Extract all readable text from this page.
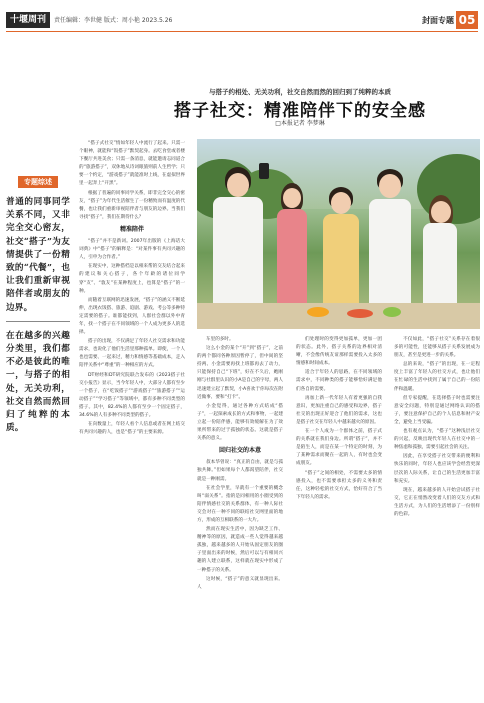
十堰周刊	责任编辑：李世健 版式：周小艳 2023.5.26	封面专题 05
与搭子约相处、无关功利，社交自然而然的回归到了纯粹的本质
搭子社交：精准陪伴下的安全感
□本报记者 李梦琳
专题综述
普通的同事同学关系不同，又非完全交心密友，社交“搭子”为友情提供了一份精致的“代餐”，也让我们重新审视陪伴者或朋友的边界。
在在越多的兴趣分类里，我们都不必是彼此的唯一，与搭子的相处，无关功利，社交自然而然回归了纯粹的本质。

“搭子式社交”悄如年轻人中流行了起来。只需一个眼神，就能和“饭搭子”默契起身。去吃食堂或者楼下餐厅共进美食；只需一条消息，就能邀请志同道合的“旅游搭子”，双休地从诗词眼旅则前人生哲学；只要一个约定，“游戏搭子”就能准时上线，在虚拟世界里一起奔上“开黑”。

根据了普遍的同事同学关系，即非完全交心的密友，“搭子”为年代生活催生了一份精致而有温度的代餐，也让我们重新审视陪伴者与朋友的边界。当我们寻找“搭子”，我们在期待什么？

精准陪伴

“搭子”并不是新词。2007年出版的《上海话大词典》中“搭子”的解释是：“对某件事有共同兴趣的人，引申为合作者。”

在现实中，这种搭档是以相来帮的交友结合起来的建议和关心搭子，各个年龄的诸位同学穿“友”、“敦友”在某种程度上，也算是“搭子”的一种。

而随着互联网的迅速发展，“搭子”的涵义不断延伸，出现衣饭搭、旅游、追剧、游戏、考公等多种特定需要的搭子。谁都能找到，人群社会群以外中青年，找一个搭子在不同领域的一个人成为更多人的选择。

搭子的出现，不仅满足了年轻人社交需求和功能需求，也说化了他们生活里那种孤单。即使，一个人也也需要、一起来过，精力和情感等基础成本，走入陪伴关系中“尊重”的一种相应的方式。

DT财经和DT研究院联合发布的《2023搭子社交小报告》显示，当今年轻人中，大部分人都有至少一个搭子，在“吃饭搭子”“游戏搭子”“旅游搭子”“运动搭子”“学习搭子”等领域中，都有多种不同类型的搭子。其中，82.4%的人都有至少一个固定搭子，34.6%的人有多种不同类型的搭子。

在向数量上，年轻人看个人信息或者在网上结交有共同兴趣的人，也是“搭子”的主要来源。

车里的多时。

这么小金的某个“开”到“搭子”，之前的两个都同各种原因暂停了，但中间的坚持两、小金需要再找上班都再去了动力，只能保持自己“下班”，好在不久后，她刚刚与社群里认识的小A是自己的字母，两人迅速建立起了默契，小A喜欢于你每次在附近做事、要和“打卡”。

小金觉得，通过各种方式结成“搭子”，一起探索成长的方式和事物，一起建立起一份陪伴感，能够有效缓解在为了效果所带来的过于孤独的状态。这就是搭子关系的意义。

回归社交的本意

叔本华曾说：“真正的自由，就是与孤独共舞。”但如果每个人都渴望陪伴，社交就是一种刚需。

在社会学里，早就有一个重要的概念叫“弱关系”。指的是同相用的小圈受到的陪伴情感社交的关系群体，有一种人际社交会对在一种不同的联结社交网里面的地方，形成的互相联系的一大片。

然而在现实生活中，因为缺乏工作、精神等的原因，就造成一些人觉得越来越孤独，越来越多的人开始从固定朋友的圈子里面出来的时候，然后可以与有相同兴趣的人建立联系，这样就在现实中形成了一种搭子的关系。

这时候，“搭子”的意义就显现出来。人

们处理时的变得更加孤单，更加一团的状态。此外，搭子关系的边界相对清晰，不会像传统友谊那样需要投入太多的情感和时间成本。

适合于年轻人的思路，在不同领域的需求中，不同种类的搭子能够恰好满足他们各自的需要。

再加上新一代年轻人有着更强的自我意识，更加注重自己的感受和边界，搭子社交的出现正好迎合了他们的需求，这也是搭子社交在年轻人中越来越火的原因。

在一个人成为一个群体之前，搭子式的关系就在我们身边。所谓“搭子”，并不是陌生人，而是在某一个特定的时刻，为了某种需求而聚在一起的人，有时也会变成朋友。

“搭子”之间的相处，不需要太多的情感投入，也不需要承担太多的义务和责任，这种轻松的社交方式，恰好符合了当下年轻人的需求。

不仅如此，“搭子社交”关系存在着很多的可能性，还能够从搭子关系发展成为朋友，甚至是更进一步的关系。

总的来说，“搭子”的出现，在一定程度上丰富了年轻人的社交方式，也让他们在忙碌的生活中找到了属于自己的一份陪伴和温暖。

但专家提醒，在选择搭子时也需要注意安全问题，特别是通过网络认识的搭子，要注意保护自己的个人信息和财产安全，避免上当受骗。

也有观点认为，“搭子”这种浅层社交的兴起，反映出现代年轻人在社交中的一种焦虑和孤独，需要引起社会的关注。

因此，在享受搭子社交带来的便利和快乐的同时，年轻人也应该学会经营更深层次的人际关系，让自己的生活更加丰富和充实。

现在，越来越多的人开始尝试搭子社交，它正在悄然改变着人们的交友方式和生活方式，为人们的生活增添了一份别样的色彩。
